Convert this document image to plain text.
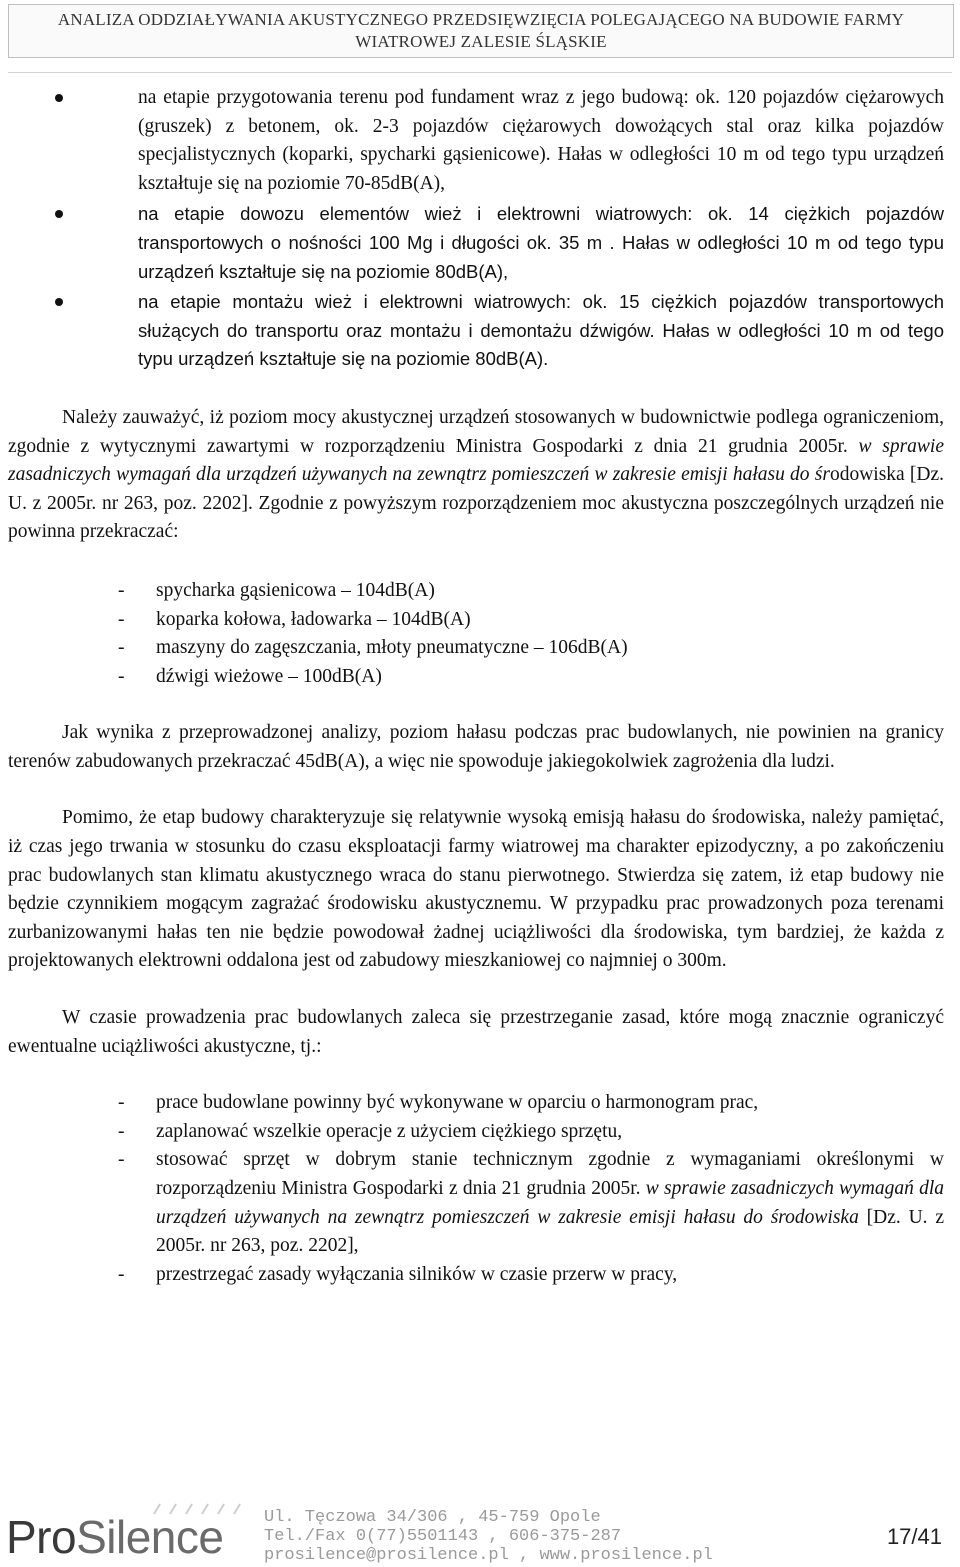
ANALIZA ODDZIAŁYWANIA AKUSTYCZNEGO PRZEDSIĘWZIĘCIA POLEGAJĄCEGO NA BUDOWIE FARMY
WIATROWEJ ZALESIE ŚLĄSKIE
na etapie przygotowania terenu pod fundament wraz z jego budową: ok. 120 pojazdów ciężarowych (gruszek) z betonem, ok. 2-3 pojazdów ciężarowych dowożących stal oraz kilka pojazdów specjalistycznych (koparki, spycharki gąsienicowe). Hałas w odległości 10 m od tego typu urządzeń kształtuje się na poziomie 70-85dB(A),
na etapie dowozu elementów wież i elektrowni wiatrowych: ok. 14 ciężkich pojazdów transportowych o nośności 100 Mg i długości ok. 35 m . Hałas w odległości 10 m od tego typu urządzeń kształtuje się na poziomie 80dB(A),
na etapie montażu wież i elektrowni wiatrowych: ok. 15 ciężkich pojazdów transportowych służących do transportu oraz montażu i demontażu dźwigów. Hałas w odległości 10 m od tego typu urządzeń kształtuje się na poziomie 80dB(A).

Należy zauważyć, iż poziom mocy akustycznej urządzeń stosowanych w budownictwie podlega ograniczeniom, zgodnie z wytycznymi zawartymi w rozporządzeniu Ministra Gospodarki z dnia 21 grudnia 2005r. w sprawie zasadniczych wymagań dla urządzeń używanych na zewnątrz pomieszczeń w zakresie emisji hałasu do środowiska [Dz. U. z 2005r. nr 263, poz. 2202]. Zgodnie z powyższym rozporządzeniem moc akustyczna poszczególnych urządzeń nie powinna przekraczać:

- spycharka gąsienicowa – 104dB(A)
- koparka kołowa, ładowarka – 104dB(A)
- maszyny do zagęszczania, młoty pneumatyczne – 106dB(A)
- dźwigi wieżowe – 100dB(A)

Jak wynika z przeprowadzonej analizy, poziom hałasu podczas prac budowlanych, nie powinien na granicy terenów zabudowanych przekraczać 45dB(A), a więc nie spowoduje jakiegokolwiek zagrożenia dla ludzi.

Pomimo, że etap budowy charakteryzuje się relatywnie wysoką emisją hałasu do środowiska, należy pamiętać, iż czas jego trwania w stosunku do czasu eksploatacji farmy wiatrowej ma charakter epizodyczny, a po zakończeniu prac budowlanych stan klimatu akustycznego wraca do stanu pierwotnego. Stwierdza się zatem, iż etap budowy nie będzie czynnikiem mogącym zagrażać środowisku akustycznemu. W przypadku prac prowadzonych poza terenami zurbanizowanymi hałas ten nie będzie powodował żadnej uciążliwości dla środowiska, tym bardziej, że każda z projektowanych elektrowni oddalona jest od zabudowy mieszkaniowej co najmniej o 300m.

W czasie prowadzenia prac budowlanych zaleca się przestrzeganie zasad, które mogą znacznie ograniczyć ewentualne uciążliwości akustyczne, tj.:

- prace budowlane powinny być wykonywane w oparciu o harmonogram prac,
- zaplanować wszelkie operacje z użyciem ciężkiego sprzętu,
- stosować sprzęt w dobrym stanie technicznym zgodnie z wymaganiami określonymi w rozporządzeniu Ministra Gospodarki z dnia 21 grudnia 2005r. w sprawie zasadniczych wymagań dla urządzeń używanych na zewnątrz pomieszczeń w zakresie emisji hałasu do środowiska [Dz. U. z 2005r. nr 263, poz. 2202],
- przestrzegać zasady wyłączania silników w czasie przerw w pracy,
ProSilence	Ul. Tęczowa 34/306 , 45-759 Opole
Tel./Fax 0(77)5501143 , 606-375-287
prosilence@prosilence.pl , www.prosilence.pl
17/41
